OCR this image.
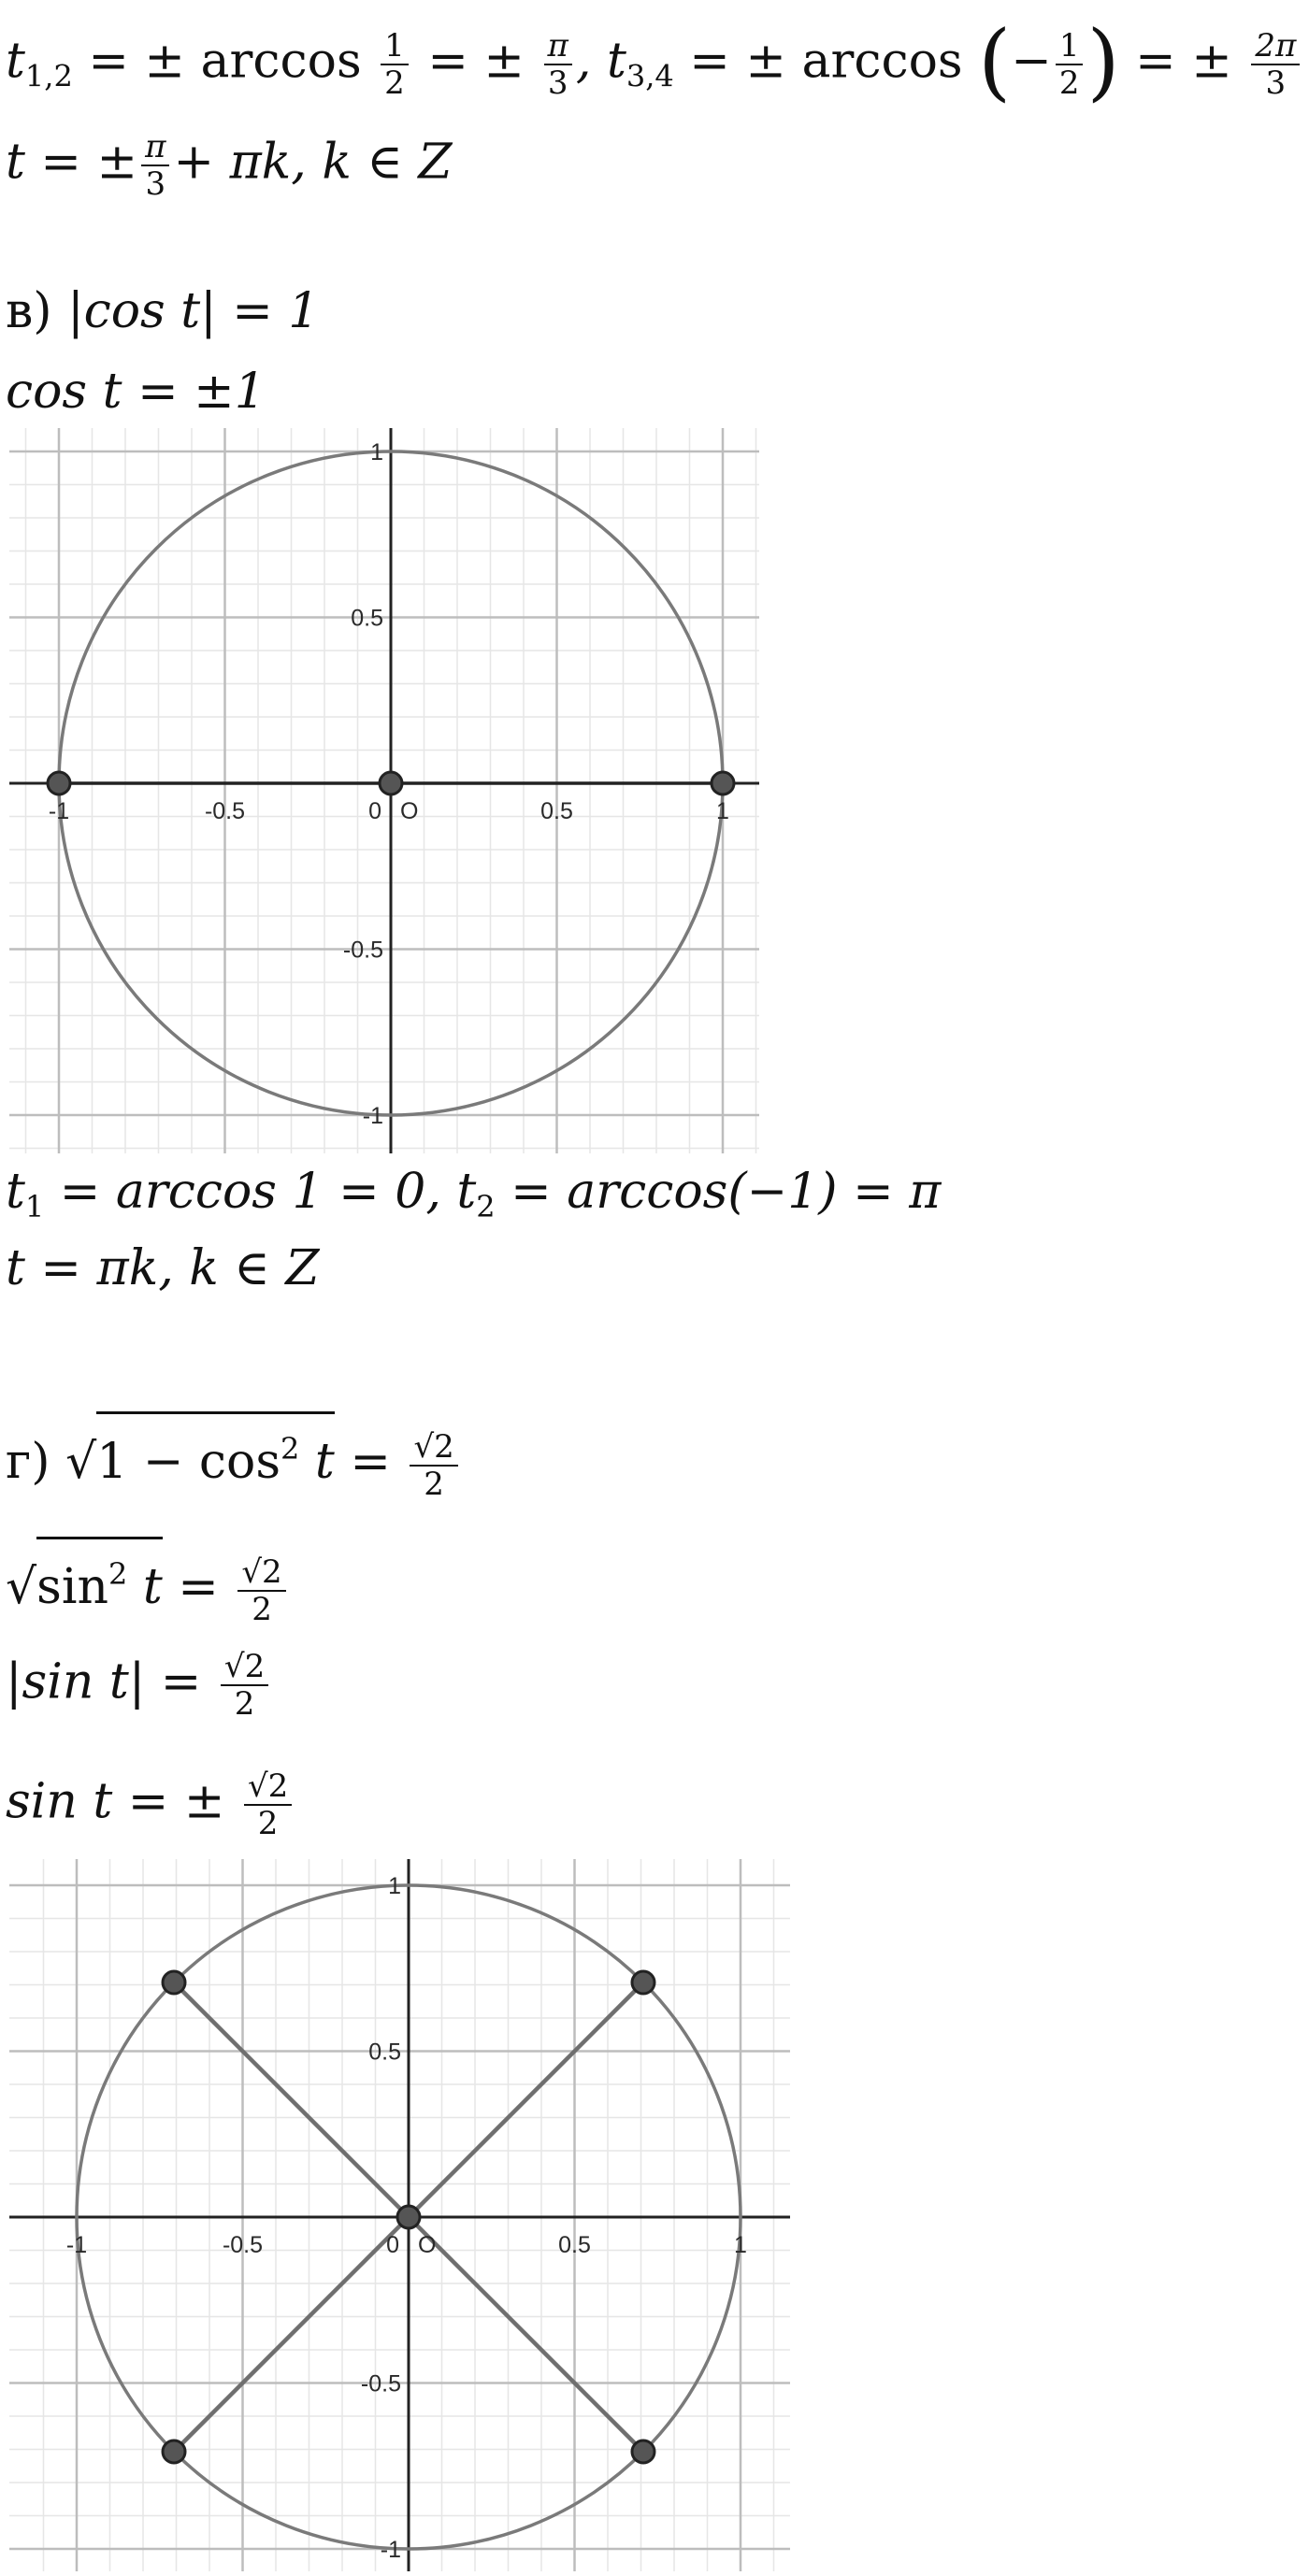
$t_{1,2}$ = ± $\arccos \frac{1}{2}$ = ± $\frac{\pi}{3}$ , $t_{3,4}$ = ± arccos (− $\frac{1}{2}$ ) = ± $\frac{2\pi}{3}$
t = ± $\frac{\pi}{3} + \pi k$, k ∈ Z
в) |cos t| = 1
cos t = ±1
-1	-0.5	0	0.5	1
1
0.5
-0.5
-1
O
$t_1 = \arccos 1 = 0$, $t_2 = \arccos(-1) = \pi$
t = πk, k ∈ Z
г) $√1 - \cos^2 t = \frac{√2}{2}$
$√\sin^2$ $t = \frac{√2}{2}$
|sin $t| = \frac{√2}{2}$
sin t = ± $\frac{√2}{2}$
-1	-0.5	0	0.5	1
1
0.5
-0.5
-1
O
